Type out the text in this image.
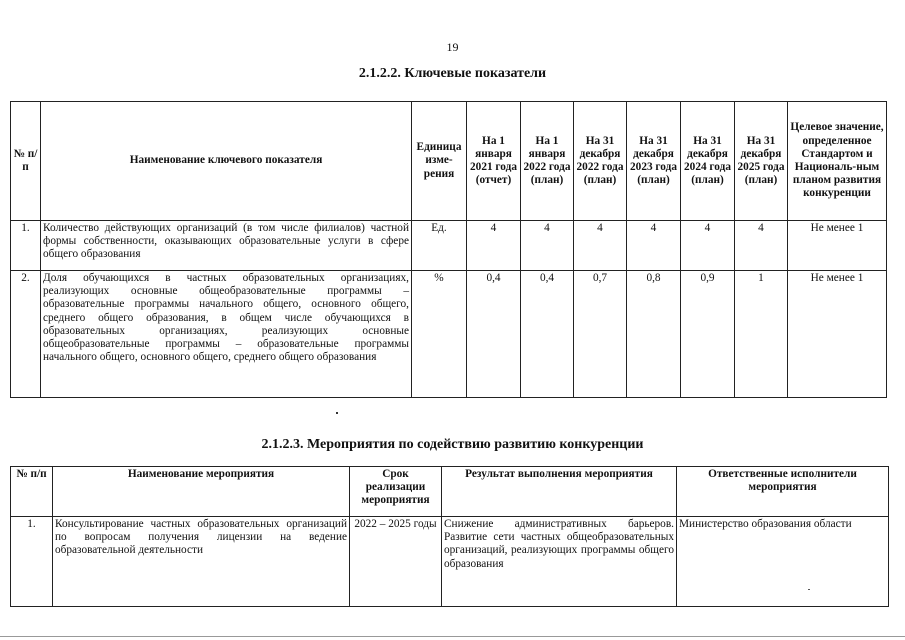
19
2.1.2.2. Ключевые показатели
№ п/п	Наименование ключевого показателя	Единица изме-рения	На 1 января 2021 года (отчет)	На 1 января 2022 года (план)	На 31 декабря 2022 года (план)	На 31 декабря 2023 года (план)	На 31 декабря 2024 года (план)	На 31 декабря 2025 года (план)	Целевое значение, определенное Стандартом и Националь-ным планом развития конкуренции
1.	Количество действующих организаций (в том числе филиалов) частной формы собственности, оказывающих образовательные услуги в сфере общего образования	Ед.	4	4	4	4	4	4	Не менее 1
2.	Доля обучающихся в частных образовательных организациях, реализующих основные общеобразовательные программы – образовательные программы начального общего, основного общего, среднего общего образования, в общем числе обучающихся в образовательных организациях, реализующих основные общеобразовательные программы – образовательные программы начального общего, основного общего, среднего общего образования	%	0,4	0,4	0,7	0,8	0,9	1	Не менее 1
2.1.2.3. Мероприятия по содействию развитию конкуренции
№ п/п	Наименование мероприятия	Срок реализации мероприятия	Результат выполнения мероприятия	Ответственные исполнители мероприятия
1.	Консультирование частных образовательных организаций по вопросам получения лицензии на ведение образовательной деятельности	2022 – 2025 годы	Снижение административных барьеров. Развитие сети частных общеобразовательных организаций, реализующих программы общего образования	Министерство образования области
